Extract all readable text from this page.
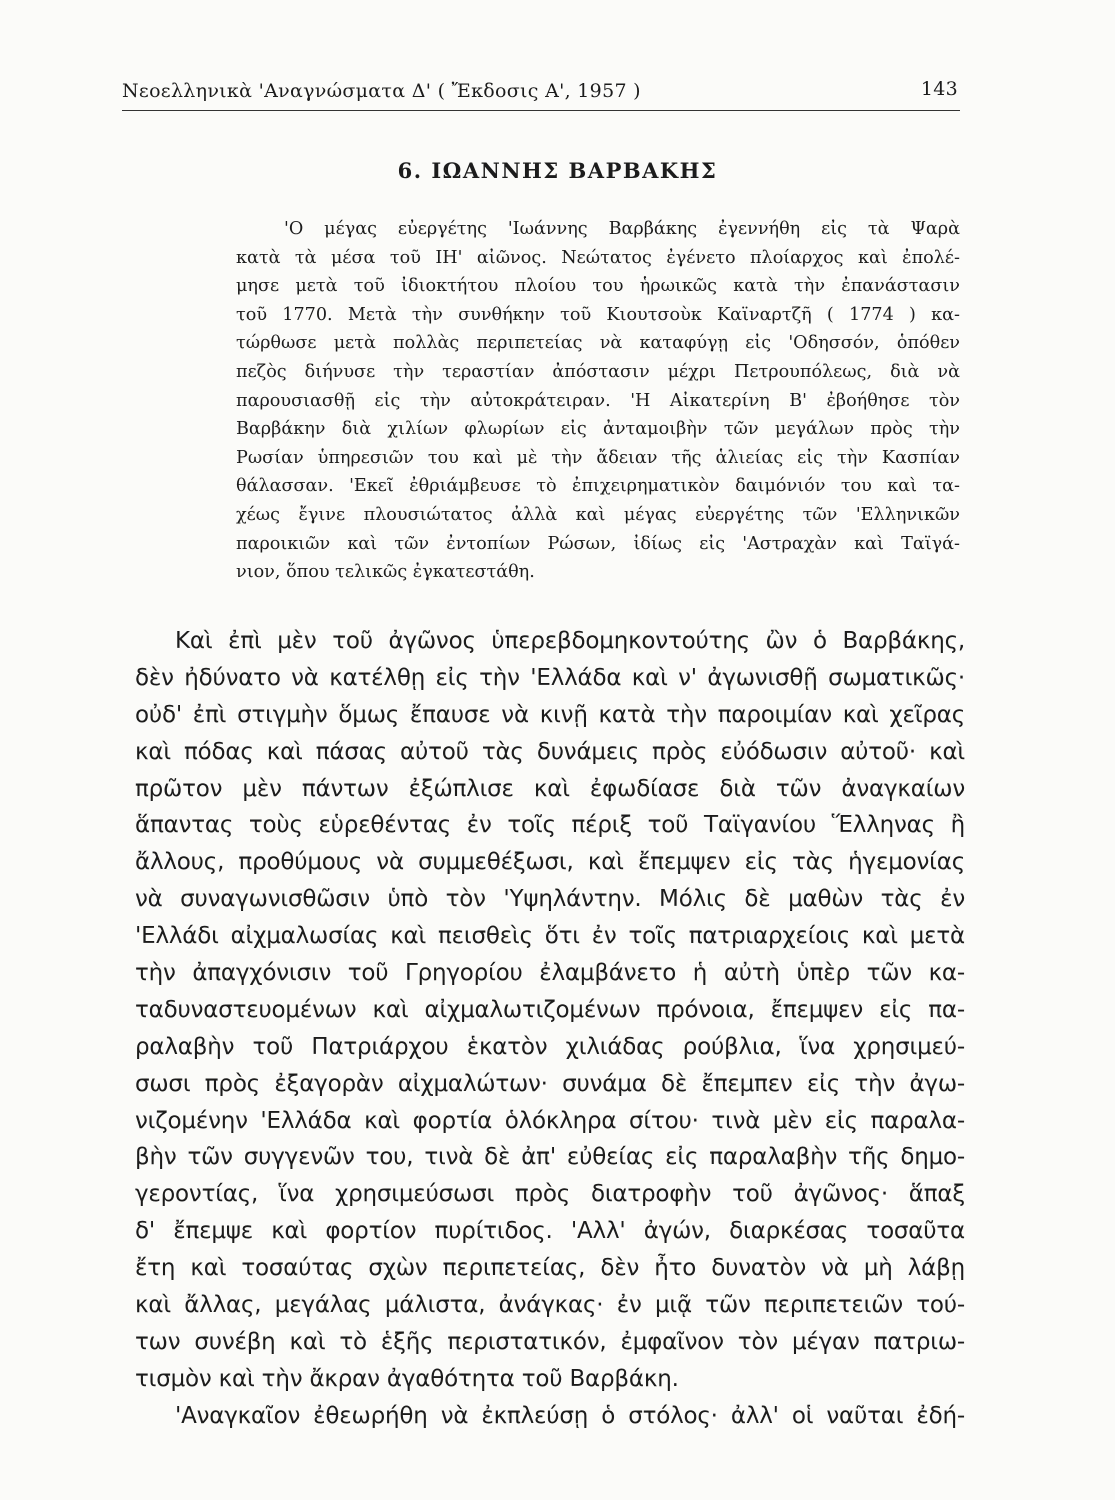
Νεοελληνικὰ 'Αναγνώσματα Δ' ( Ἔκδοσις Α', 1957 )	143
6. ΙΩΑΝΝΗΣ ΒΑΡΒΑΚΗΣ
'Ο μέγας εὐεργέτης 'Ιωάννης Βαρβάκης ἐγεννήθη εἰς τὰ Ψαρὰ
κατὰ τὰ μέσα τοῦ ΙΗ' αἰῶνος. Νεώτατος ἐγένετο πλοίαρχος καὶ ἐπολέ-
μησε μετὰ τοῦ ἰδιοκτήτου πλοίου του ἡρωικῶς κατὰ τὴν ἐπανάστασιν
τοῦ 1770. Μετὰ τὴν συνθήκην τοῦ Κιουτσοὺκ Καϊναρτζῆ ( 1774 ) κα-
τώρθωσε μετὰ πολλὰς περιπετείας νὰ καταφύγῃ εἰς 'Οδησσόν, ὁπόθεν
πεζὸς διήνυσε τὴν τεραστίαν ἀπόστασιν μέχρι Πετρουπόλεως, διὰ νὰ
παρουσιασθῇ εἰς τὴν αὐτοκράτειραν. 'Η Αἰκατερίνη Β' ἐβοήθησε τὸν
Βαρβάκην διὰ χιλίων φλωρίων εἰς ἀνταμοιβὴν τῶν μεγάλων πρὸς τὴν
Ρωσίαν ὑπηρεσιῶν του καὶ μὲ τὴν ἄδειαν τῆς ἁλιείας εἰς τὴν Κασπίαν
θάλασσαν. 'Εκεῖ ἐθριάμβευσε τὸ ἐπιχειρηματικὸν δαιμόνιόν του καὶ τα-
χέως ἔγινε πλουσιώτατος ἀλλὰ καὶ μέγας εὐεργέτης τῶν 'Ελληνικῶν
παροικιῶν καὶ τῶν ἐντοπίων Ρώσων, ἰδίως εἰς 'Αστραχὰν καὶ Ταϊγά-
νιον, ὅπου τελικῶς ἐγκατεστάθη.
Καὶ ἐπὶ μὲν τοῦ ἀγῶνος ὑπερεβδομηκοντούτης ὢν ὁ Βαρβάκης,
δὲν ἠδύνατο νὰ κατέλθῃ εἰς τὴν 'Ελλάδα καὶ ν' ἀγωνισθῇ σωματικῶς·
οὐδ' ἐπὶ στιγμὴν ὅμως ἔπαυσε νὰ κινῇ κατὰ τὴν παροιμίαν καὶ χεῖρας
καὶ πόδας καὶ πάσας αὐτοῦ τὰς δυνάμεις πρὸς εὐόδωσιν αὐτοῦ· καὶ
πρῶτον μὲν πάντων ἐξώπλισε καὶ ἐφωδίασε διὰ τῶν ἀναγκαίων
ἅπαντας τοὺς εὑρεθέντας ἐν τοῖς πέριξ τοῦ Ταϊγανίου Ἕλληνας ἢ
ἄλλους, προθύμους νὰ συμμεθέξωσι, καὶ ἔπεμψεν εἰς τὰς ἡγεμονίας
νὰ συναγωνισθῶσιν ὑπὸ τὸν 'Υψηλάντην. Μόλις δὲ μαθὼν τὰς ἐν
'Ελλάδι αἰχμαλωσίας καὶ πεισθεὶς ὅτι ἐν τοῖς πατριαρχείοις καὶ μετὰ
τὴν ἀπαγχόνισιν τοῦ Γρηγορίου ἐλαμβάνετο ἡ αὐτὴ ὑπὲρ τῶν κα-
ταδυναστευομένων καὶ αἰχμαλωτιζομένων πρόνοια, ἔπεμψεν εἰς πα-
ραλαβὴν τοῦ Πατριάρχου ἑκατὸν χιλιάδας ρούβλια, ἵνα χρησιμεύ-
σωσι πρὸς ἐξαγορὰν αἰχμαλώτων· συνάμα δὲ ἔπεμπεν εἰς τὴν ἀγω-
νιζομένην 'Ελλάδα καὶ φορτία ὁλόκληρα σίτου· τινὰ μὲν εἰς παραλα-
βὴν τῶν συγγενῶν του, τινὰ δὲ ἀπ' εὐθείας εἰς παραλαβὴν τῆς δημο-
γεροντίας, ἵνα χρησιμεύσωσι πρὸς διατροφὴν τοῦ ἀγῶνος· ἅπαξ
δ' ἔπεμψε καὶ φορτίον πυρίτιδος. 'Αλλ' ἀγών, διαρκέσας τοσαῦτα
ἔτη καὶ τοσαύτας σχὼν περιπετείας, δὲν ἦτο δυνατὸν νὰ μὴ λάβῃ
καὶ ἄλλας, μεγάλας μάλιστα, ἀνάγκας· ἐν μιᾷ τῶν περιπετειῶν τού-
των συνέβη καὶ τὸ ἑξῆς περιστατικόν, ἐμφαῖνον τὸν μέγαν πατριω-
τισμὸν καὶ τὴν ἄκραν ἀγαθότητα τοῦ Βαρβάκη.
'Αναγκαῖον ἐθεωρήθη νὰ ἐκπλεύσῃ ὁ στόλος· ἀλλ' οἱ ναῦται ἐδή-
